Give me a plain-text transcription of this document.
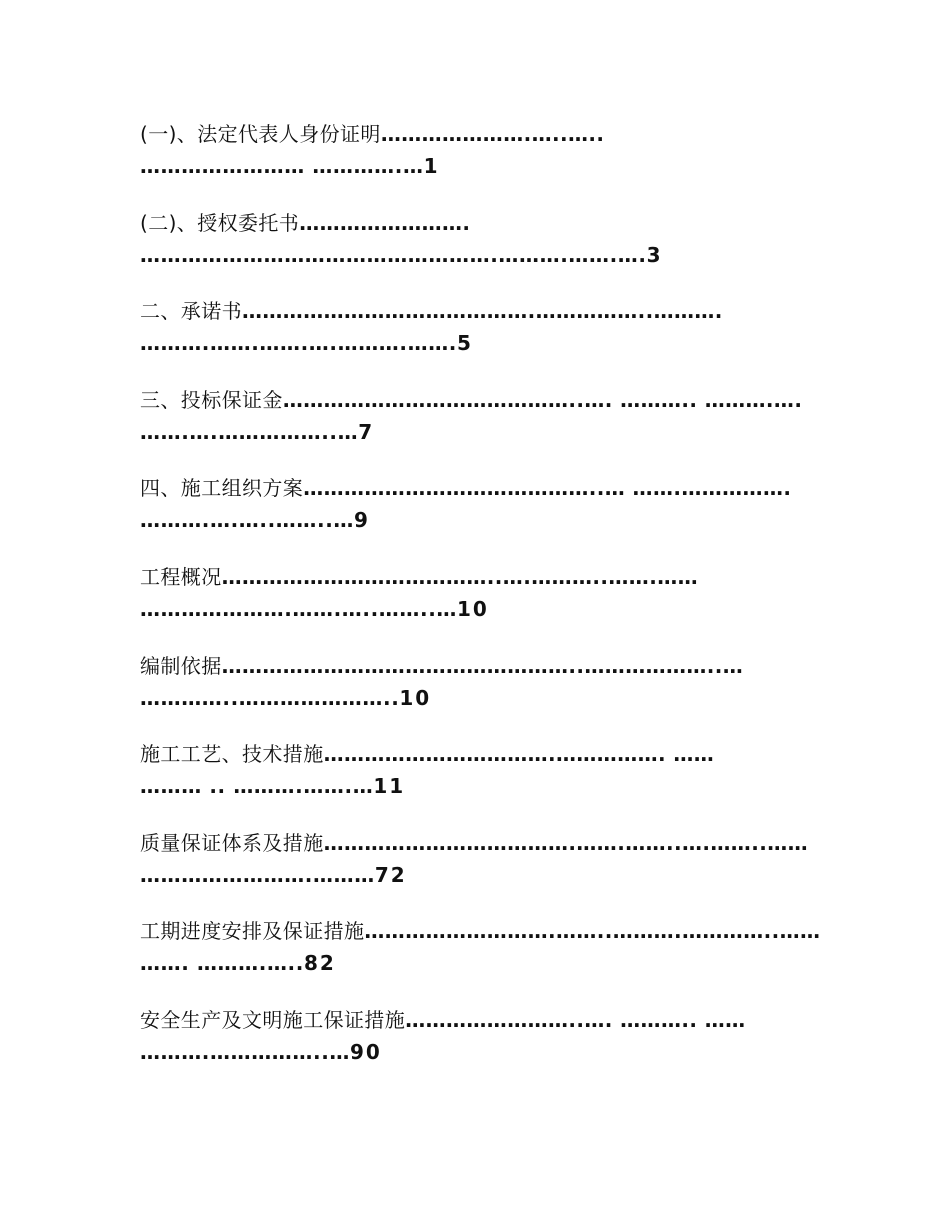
(一)、法定代表人身份证明………………….…..…..
…………………… ………….…1
(二)、授权委托书…………………….
…………………………………………….……….…….….3
二、承诺书…………………………………….……………..……….
……….…….…….….……….…….5
三、投标保证金……………………………………..…. ……….. ……….….
…….….……………..…7
四、施工组织方案……………………………………..… …….…………….
……….….…..……..…9
工程概况…………………………………..….………..…….……
………………….…….…..……..…10
编制依据……………………………………………..………………..…
…………..…………………..10
施工工艺、技术措施…………………………….……………. ……
……… .. ……….…….…11
质量保证体系及措施……………………………….…….……..….……..……
…………………….………72
工期进度安排及保证措施……………………….……..……….…………..……
……. ……….…..82
安全生产及文明施工保证措施……………………..…. ……….. ……
……….……………..…90
